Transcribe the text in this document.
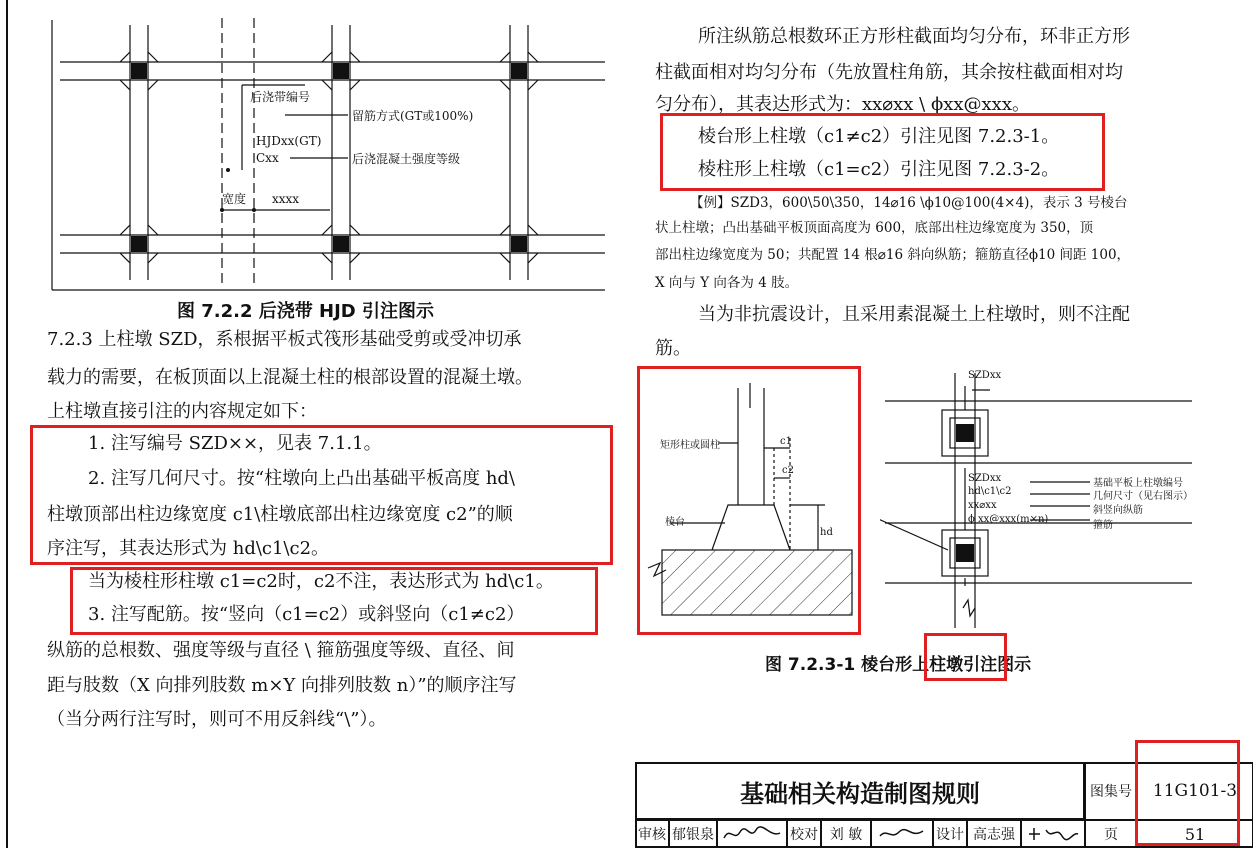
后浇带编号
留筋方式(GT或100%)
HJDxx(GT)
Cxx	后浇混凝土强度等级
宽度 xxxx
图 7.2.2 后浇带 HJD 引注图示
7.2.3 上柱墩 SZD，系根据平板式筏形基础受剪或受冲切承
载力的需要，在板顶面以上混凝土柱的根部设置的混凝土墩。
上柱墩直接引注的内容规定如下：
1. 注写编号 SZD××，见表 7.1.1。
2. 注写几何尺寸。按“柱墩向上凸出基础平板高度 hd\
柱墩顶部出柱边缘宽度 c1\柱墩底部出柱边缘宽度 c2”的顺
序注写，其表达形式为 hd\c1\c2。
当为棱柱形柱墩 c1=c2时，c2不注，表达形式为 hd\c1。
3. 注写配筋。按“竖向（c1=c2）或斜竖向（c1≠c2）
纵筋的总根数、强度等级与直径 \ 箍筋强度等级、直径、间
距与肢数（X 向排列肢数 m×Y 向排列肢数 n）”的顺序注写
（当分两行注写时，则可不用反斜线“\”）。
所注纵筋总根数环正方形柱截面均匀分布，环非正方形
柱截面相对均匀分布（先放置柱角筋，其余按柱截面相对均
匀分布），其表达形式为：xx⌀xx \ ϕxx@xxx。
棱台形上柱墩（c1≠c2）引注见图 7.2.3-1。
棱柱形上柱墩（c1=c2）引注见图 7.2.3-2。
【例】SZD3，600\50\350，14⌀16 \ϕ10@100(4×4)，表示 3 号棱台
状上柱墩；凸出基础平板顶面高度为 600，底部出柱边缘宽度为 350，顶
部出柱边缘宽度为 50；共配置 14 根⌀16 斜向纵筋；箍筋直径ϕ10 间距 100，
X 向与 Y 向各为 4 肢。
当为非抗震设计，且采用素混凝土上柱墩时，则不注配
筋。
矩形柱或圆柱
棱台
c1
c2
hd
SZDxx
SZDxx
hd\c1\c2
xx⌀xx
ϕ xx@xxx(m×n)
基础平板上柱墩编号
几何尺寸（见右图示）
斜竖向纵筋
箍筋
图 7.2.3-1 棱台形上柱墩引注图示
基础相关构造制图规则	图集号	11G101-3
审核 郁银泉	校对 刘 敏	设计 高志强	页	51
